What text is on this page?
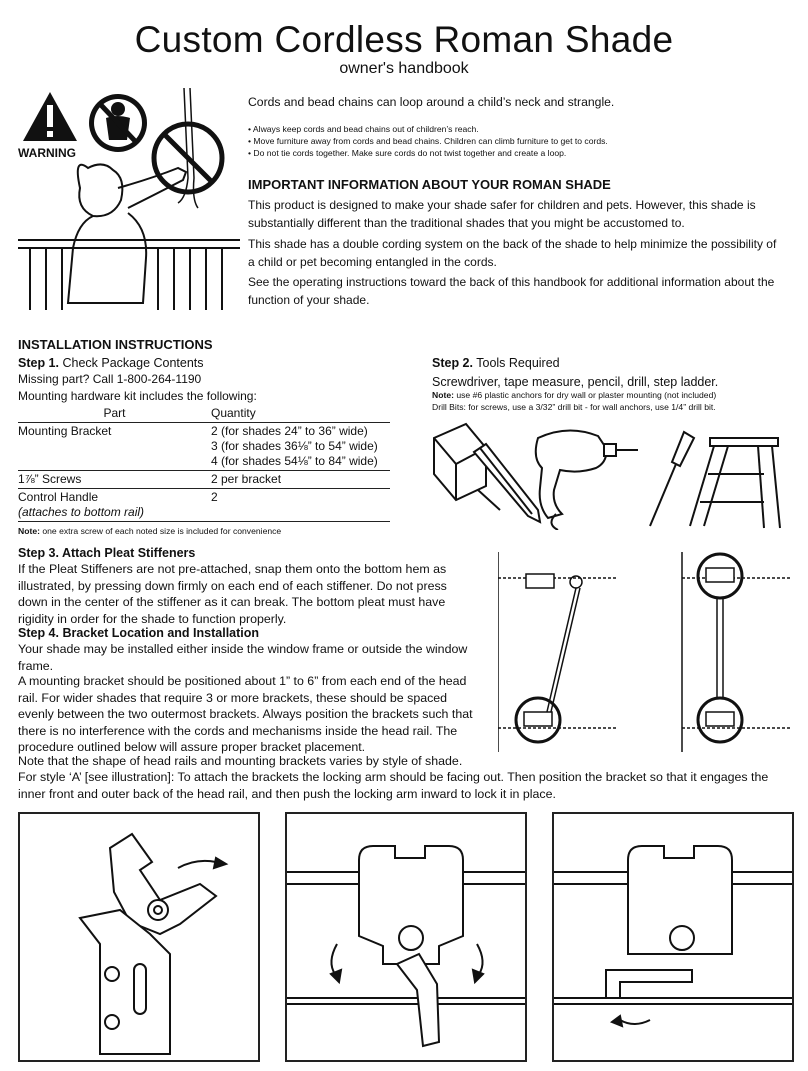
Custom Cordless Roman Shade
owner's handbook
WARNING
Cords and bead chains can loop around a child’s neck and strangle.
• Always keep cords and bead chains out of children’s reach.
• Move furniture away from cords and bead chains. Children can climb furniture to get to cords.
• Do not tie cords together. Make sure cords do not twist together and create a loop.
IMPORTANT INFORMATION ABOUT YOUR ROMAN SHADE
This product is designed to make your shade safer for children and pets. However, this shade is substantially different than the traditional shades that you might be accustomed to.
This shade has a double cording system on the back of the shade to help minimize the possibility of a child or pet becoming entangled in the cords.
See the operating instructions toward the back of this handbook for additional information about the function of your shade.
INSTALLATION INSTRUCTIONS
Step 1. Check Package Contents
Missing part? Call 1-800-264-1190
Mounting hardware kit includes the following:
Part	Quantity
Mounting Bracket	2 (for shades 24” to 36” wide)
3 (for shades 36⅛” to 54” wide)
4 (for shades 54⅛” to 84” wide)

1⅞” Screws	2 per bracket

Control Handle
(attaches to bottom rail)	2
Note: one extra screw of each noted size is included for convenience
Step 2. Tools Required
Screwdriver, tape measure, pencil, drill, step ladder.
Note: use #6 plastic anchors for dry wall or plaster mounting (not included)
Drill Bits: for screws, use a 3/32” drill bit - for wall anchors, use 1/4” drill bit.
Step 3. Attach Pleat Stiffeners
If the Pleat Stiffeners are not pre-attached, snap them onto the bottom hem as illustrated, by pressing down firmly on each end of each stiffener. Do not press down in the center of the stiffener as it can break. The bottom pleat must have rigidity in order for the shade to function properly.
Step 4. Bracket Location and Installation
Your shade may be installed either inside the window frame or outside the window frame.
A mounting bracket should be positioned about 1” to 6” from each end of the head rail. For wider shades that require 3 or more brackets, these should be spaced evenly between the two outermost brackets. Always position the brackets such that there is no interference with the cords and mechanisms inside the head rail. The procedure outlined below will assure proper bracket placement.
Note that the shape of head rails and mounting brackets varies by style of shade.
For style ‘A’ [see illustration]: To attach the brackets the locking arm should be facing out. Then position the bracket so that it engages the inner front and outer back of the head rail, and then push the locking arm inward to lock it in place.
